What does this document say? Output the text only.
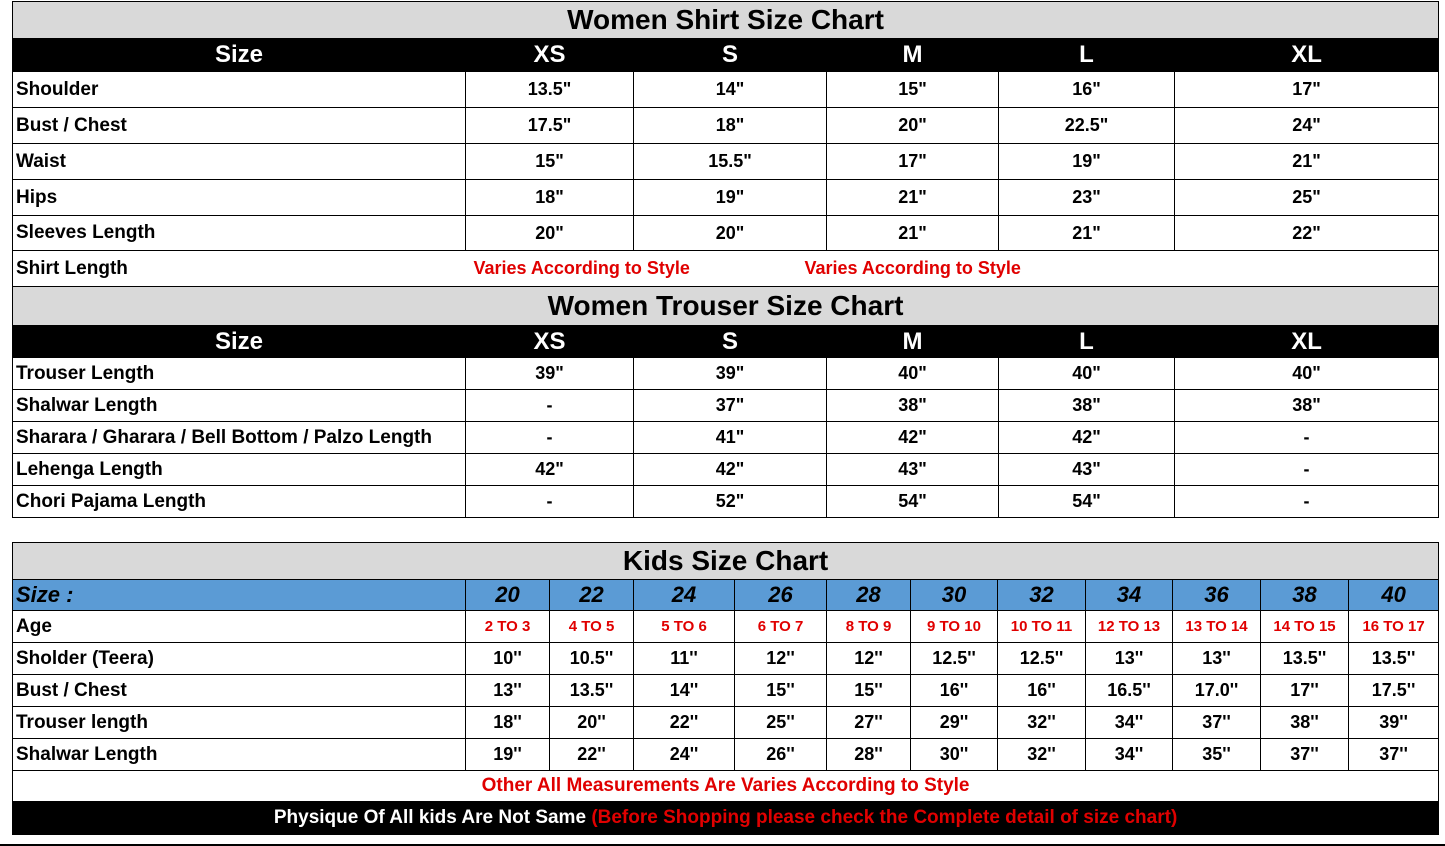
Women Shirt Size Chart					
Size	XS	S	M	L	XL
Shoulder	13.5"	14"	15"	16"	17"
Bust / Chest	17.5"	18"	20"	22.5"	24"
Waist	15"	15.5"	17"	19"	21"
Hips	18"	19"	21"	23"	25"
Sleeves Length	20"	20"	21"	21"	22"
Shirt Length	Varies According to Style Varies According to Style				
Women Trouser Size Chart					
Size	XS	S	M	L	XL
Trouser Length	39"	39"	40"	40"	40"
Shalwar Length	-	37"	38"	38"	38"
Sharara / Gharara / Bell Bottom / Palzo Length	-	41"	42"	42"	-
Lehenga Length	42"	42"	43"	43"	-
Chori Pajama Length	-	52"	54"	54"	-
Kids Size Chart											
Size :	20	22	24	26	28	30	32	34	36	38	40
Age	2 TO 3	4 TO 5	5 TO 6	6 TO 7	8 TO 9	9 TO 10	10 TO 11	12 TO 13	13 TO 14	14 TO 15	16 TO 17
Sholder (Teera)	10''	10.5''	11''	12''	12''	12.5''	12.5''	13''	13''	13.5''	13.5''
Bust / Chest	13''	13.5''	14''	15''	15''	16''	16''	16.5''	17.0''	17''	17.5''
Trouser length	18''	20''	22''	25''	27''	29''	32''	34''	37''	38''	39''
Shalwar Length	19''	22''	24''	26''	28''	30''	32''	34''	35''	37''	37''
Other All Measurements Are Varies According to Style											
Physique Of All kids Are Not Same (Before Shopping please check the Complete detail of size chart)											
